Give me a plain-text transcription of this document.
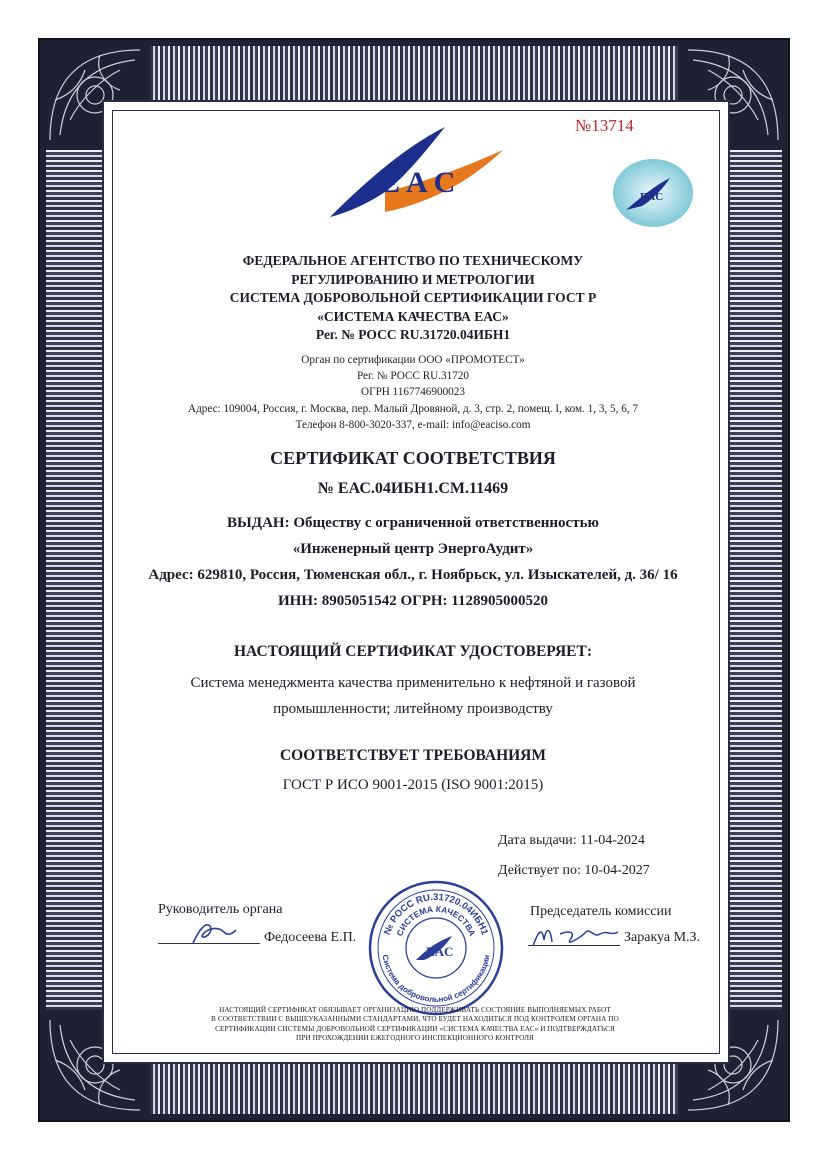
№13714
EAC	EAC
ФЕДЕРАЛЬНОЕ АГЕНТСТВО ПО ТЕХНИЧЕСКОМУ
РЕГУЛИРОВАНИЮ И МЕТРОЛОГИИ
СИСТЕМА ДОБРОВОЛЬНОЙ СЕРТИФИКАЦИИ ГОСТ Р
«СИСТЕМА КАЧЕСТВА ЕАС»
Рег. № РОСС RU.31720.04ИБН1
Орган по сертификации ООО «ПРОМОТЕСТ»
Рег. № РОСС RU.31720
ОГРН 1167746900023
Адрес: 109004, Россия, г. Москва, пер. Малый Дровяной, д. 3, стр. 2, помещ. I, ком. 1, 3, 5, 6, 7
Телефон 8-800-3020-337, e-mail: info@eaciso.com
СЕРТИФИКАТ СООТВЕТСТВИЯ
№ ЕАС.04ИБН1.СМ.11469
ВЫДАН: Обществу с ограниченной ответственностью
«Инженерный центр ЭнергоАудит»
Адрес: 629810, Россия, Тюменская обл., г. Ноябрьск, ул. Изыскателей, д. 36/ 16
ИНН: 8905051542 ОГРН: 1128905000520
НАСТОЯЩИЙ СЕРТИФИКАТ УДОСТОВЕРЯЕТ:
Система менеджмента качества применительно к нефтяной и газовой
промышленности; литейному производству
СООТВЕТСТВУЕТ ТРЕБОВАНИЯМ
ГОСТ Р ИСО 9001-2015 (ISO 9001:2015)
Дата выдачи: 11-04-2024
Действует по: 10-04-2027
Руководитель органа
Федосеева Е.П.
Председатель комиссии
Заракуа М.З.
№ РОСС RU.31720.04ИБН1
СИСТЕМА КАЧЕСТВА
Система добровольной сертификации
EAC
НАСТОЯЩИЙ СЕРТИФИКАТ ОБЯЗЫВАЕТ ОРГАНИЗАЦИЮ ПОДДЕРЖИВАТЬ СОСТОЯНИЕ ВЫПОЛНЯЕМЫХ РАБОТ
В СООТВЕТСТВИИ С ВЫШЕУКАЗАННЫМИ СТАНДАРТАМИ, ЧТО БУДЕТ НАХОДИТЬСЯ ПОД КОНТРОЛЕМ ОРГАНА ПО
СЕРТИФИКАЦИИ СИСТЕМЫ ДОБРОВОЛЬНОЙ СЕРТИФИКАЦИИ «СИСТЕМА КАЧЕСТВА ЕАС» И ПОДТВЕРЖДАТЬСЯ
ПРИ ПРОХОЖДЕНИИ ЕЖЕГОДНОГО ИНСПЕКЦИОННОГО КОНТРОЛЯ
